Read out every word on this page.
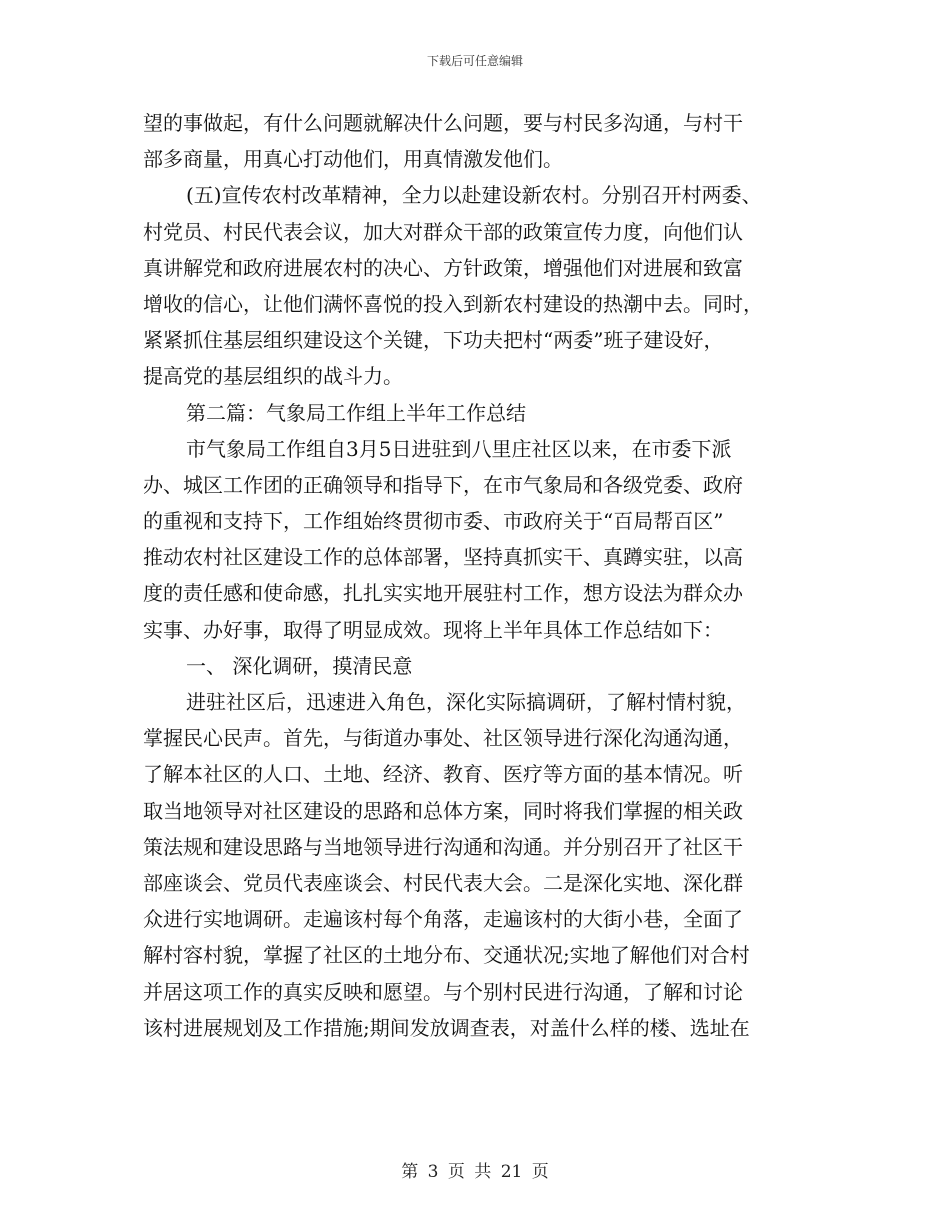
下载后可任意编辑
望的事做起，有什么问题就解决什么问题，要与村民多沟通，与村干
部多商量，用真心打动他们，用真情激发他们。
(五)宣传农村改革精神，全力以赴建设新农村。分别召开村两委、
村党员、村民代表会议，加大对群众干部的政策宣传力度，向他们认
真讲解党和政府进展农村的决心、方针政策，增强他们对进展和致富
增收的信心，让他们满怀喜悦的投入到新农村建设的热潮中去。同时，
紧紧抓住基层组织建设这个关键，下功夫把村“两委”班子建设好，
提高党的基层组织的战斗力。
第二篇：气象局工作组上半年工作总结
市气象局工作组自3月5日进驻到八里庄社区以来，在市委下派
办、城区工作团的正确领导和指导下，在市气象局和各级党委、政府
的重视和支持下，工作组始终贯彻市委、市政府关于“百局帮百区”
推动农村社区建设工作的总体部署，坚持真抓实干、真蹲实驻，以高
度的责任感和使命感，扎扎实实地开展驻村工作，想方设法为群众办
实事、办好事，取得了明显成效。现将上半年具体工作总结如下：
一、 深化调研，摸清民意
进驻社区后，迅速进入角色，深化实际搞调研，了解村情村貌，
掌握民心民声。首先，与街道办事处、社区领导进行深化沟通沟通，
了解本社区的人口、土地、经济、教育、医疗等方面的基本情况。听
取当地领导对社区建设的思路和总体方案，同时将我们掌握的相关政
策法规和建设思路与当地领导进行沟通和沟通。并分别召开了社区干
部座谈会、党员代表座谈会、村民代表大会。二是深化实地、深化群
众进行实地调研。走遍该村每个角落，走遍该村的大街小巷，全面了
解村容村貌，掌握了社区的土地分布、交通状况;实地了解他们对合村
并居这项工作的真实反映和愿望。与个别村民进行沟通，了解和讨论
该村进展规划及工作措施;期间发放调查表，对盖什么样的楼、选址在
第 3 页 共 21 页
